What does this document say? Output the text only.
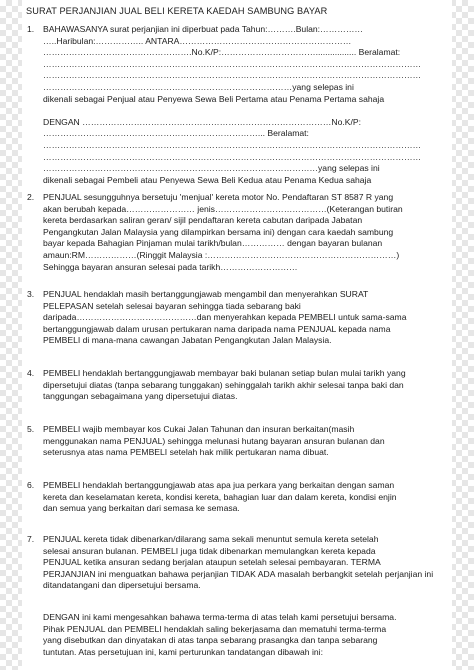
SURAT PERJANJIAN JUAL BELI KERETA KAEDAH SAMBUNG BAYAR
1. BAHAWASANYA surat perjanjian ini diperbuat pada Tahun:……….Bulan:……………
…..Haribulan:…………….. ANTARA……………………………………………………
…………………………………………….No.K/P:……………………………................. Beralamat:
……………………………………………………………………………………………………………………
……………………………………………………………………………………………………………………
……………………………………………………………………………yang selepas ini
dikenali sebagai Penjual atau Penyewa Sewa Beli Pertama atau Penama Pertama sahaja
DENGAN ……………………………………………………………………………No.K/P:
…………………………………………………………………... Beralamat:
……………………………………………………………………………………………………………………
……………………………………………………………………………………………………………………
……………………………………………………………………………………yang selepas ini
dikenali sebagai Pembeli atau Penyewa Sewa Beli Kedua atau Penama Kedua sahaja
2. PENJUAL sesungguhnya bersetuju 'menjual' kereta motor No. Pendaftaran ST 8587 R yang
akan berubah kepada…………………… jenis…………………………………(Keterangan butiran
kereta berdasarkan saliran geran/ sijil pendaftaran kereta cabutan daripada Jabatan
Pengangkutan Jalan Malaysia yang dilampirkan bersama ini) dengan cara kaedah sambung
bayar kepada Bahagian Pinjaman mulai tarikh/bulan…………… dengan bayaran bulanan
amaun:RM………………(Ringgit Malaysia :…………………………………………………………)
Sehingga bayaran ansuran selesai pada tarikh………………………
3. PENJUAL hendaklah masih bertanggungjawab mengambil dan menyerahkan SURAT
PELEPASAN setelah selesai bayaran sehingga tiada sebarang baki
daripada……………………………………dan menyerahkan kepada PEMBELI untuk sama-sama
bertanggungjawab dalam urusan pertukaran nama daripada nama PENJUAL kepada nama
PEMBELI di mana-mana cawangan Jabatan Pengangkutan Jalan Malaysia.
4. PEMBELI hendaklah bertanggungjawab membayar baki bulanan setiap bulan mulai tarikh yang
dipersetujui diatas (tanpa sebarang tunggakan) sehinggalah tarikh akhir selesai tanpa baki dan
tanggungan sebagaimana yang dipersetujui diatas.
5. PEMBELI wajib membayar kos Cukai Jalan Tahunan dan insuran berkaitan(masih
menggunakan nama PENJUAL) sehingga melunasi hutang bayaran ansuran bulanan dan
seterusnya atas nama PEMBELI setelah hak milik pertukaran nama dibuat.
6. PEMBELI hendaklah bertanggungjawab atas apa jua perkara yang berkaitan dengan saman
kereta dan keselamatan kereta, kondisi kereta, bahagian luar dan dalam kereta, kondisi enjin
dan semua yang berkaitan dari semasa ke semasa.
7. PENJUAL kereta tidak dibenarkan/dilarang sama sekali menuntut semula kereta setelah
selesai ansuran bulanan. PEMBELI juga tidak dibenarkan memulangkan kereta kepada
PENJUAL ketika ansuran sedang berjalan ataupun setelah selesai pembayaran. TERMA
PERJANJIAN ini menguatkan bahawa perjanjian TIDAK ADA masalah berbangkit setelah perjanjian ini
ditandatangani dan dipersetujui bersama.
DENGAN ini kami mengesahkan bahawa terma-terma di atas telah kami persetujui bersama.
Pihak PENJUAL dan PEMBELI hendaklah saling bekerjasama dan mematuhi terma-terma
yang disebutkan dan dinyatakan di atas tanpa sebarang prasangka dan tanpa sebarang
tuntutan. Atas persetujuan ini, kami perturunkan tandatangan dibawah ini:
